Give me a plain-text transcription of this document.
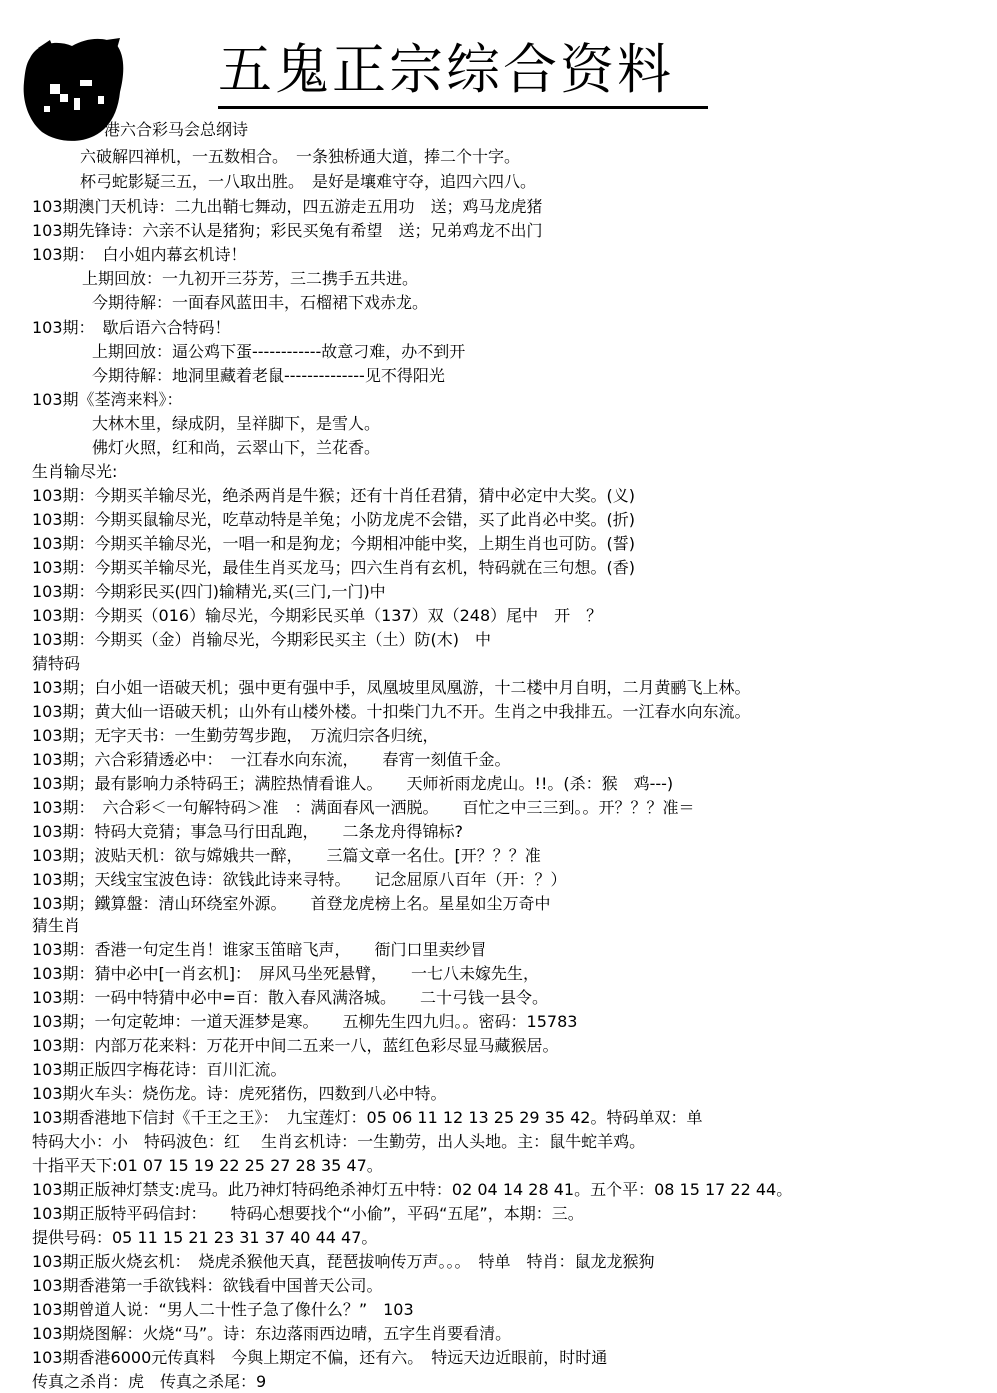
五鬼正宗综合资料
港六合彩马会总纲诗
六破解四禅机，一五数相合。　一条独桥通大道，捧二个十字。
杯弓蛇影疑三五，一八取出胜。　是好是壤难守夺，追四六四八。
103期澳门天机诗：二九出鞘七舞动，四五游走五用功　送；鸡马龙虎猪
103期先锋诗：六亲不认是猪狗；彩民买兔有希望　送；兄弟鸡龙不出门
103期：　白小姐内幕玄机诗！
上期回放：一九初开三芬芳，三二携手五共进。
今期待解：一面春风蓝田丰，石榴裙下戏赤龙。
103期：　歇后语六合特码！
上期回放：逼公鸡下蛋------------故意刁难，办不到开
今期待解：地洞里藏着老鼠--------------见不得阳光
103期《荃湾来料》：
大林木里，绿成阴，呈祥脚下，是雪人。
佛灯火照，红和尚，云翠山下，兰花香。
生肖输尽光:
103期：今期买羊输尽光，绝杀两肖是牛猴；还有十肖任君猜，猜中必定中大奖。(义)
103期：今期买鼠输尽光，吃草动特是羊兔；小防龙虎不会错，买了此肖必中奖。(折)
103期：今期买羊输尽光，一唱一和是狗龙；今期相冲能中奖，上期生肖也可防。(誓)
103期：今期买羊输尽光，最佳生肖买龙马；四六生肖有玄机，特码就在三句想。(香)
103期：今期彩民买(四门)输精光,买(三门,一门)中
103期：今期买（016）输尽光，今期彩民买单（137）双（248）尾中　开　？
103期：今期买（金）肖输尽光，今期彩民买主（土）防(木)　中
猜特码
103期；白小姐一语破天机；强中更有强中手，凤凰坡里凤凰游，十二楼中月自明，二月黄鹂飞上林。
103期；黄大仙一语破天机；山外有山楼外楼。十扣柴门九不开。生肖之中我排五。一江春水向东流。
103期；无字天书：一生勤劳驾步跑，　万流归宗各归统，
103期；六合彩猜透必中：　一江春水向东流，　　春宵一刻值千金。
103期；最有影响力杀特码王；满腔热情看谁人。　　天师祈雨龙虎山。!!。(杀：猴　鸡---)
103期：　六合彩＜一句解特码＞准　：满面春风一洒脱。　　百忙之中三三到。。开？？？准＝
103期：特码大竞猜；事急马行田乱跑，　　二条龙舟得锦标?
103期；波贴天机：欲与嫦娥共一醉，　　三篇文章一名仕。[开？？？准
103期；天线宝宝波色诗：欲钱此诗来寻特。　　记念屈原八百年（开：？）
103期；鐵算盤：清山环绕室外源。　　首登龙虎榜上名。星星如尘万奇中
猜生肖
103期：香港一句定生肖！谁家玉笛暗飞声，　　衙门口里卖纱冒
103期：猜中必中[一肖玄机]：　屏风马坐死悬臂，　　一七八未嫁先生，
103期：一码中特猜中必中=百：散入春风满洛城。　　二十弓钱一县令。
103期；一句定乾坤：一道天涯梦是寒。　　五柳先生四九归。。密码：15783
103期：内部万花来料：万花开中间二五来一八，蓝红色彩尽显马藏猴居。
103期正版四字梅花诗：百川汇流。
103期火车头：烧伤龙。诗：虎死猪伤，四数到八必中特。
103期香港地下信封《千王之王》：　九宝莲灯：05 06 11 12 13 25 29 35 42。特码单双：单
特码大小：小　特码波色：红　 生肖玄机诗：一生勤劳，出人头地。主：鼠牛蛇羊鸡。
十指平天下:01 07 15 19 22 25 27 28 35 47。
103期正版神灯禁支:虎马。此乃神灯特码绝杀神灯五中特：02 04 14 28 41。五个平：08 15 17 22 44。
103期正版特平码信封：　　特码心想要找个“小偷”，平码“五尾”，本期：三。
提供号码：05 11 15 21 23 31 37 40 44 47。
103期正版火烧玄机：　烧虎杀猴他天真，琵琶拔响传万声。。。　特单　特肖：鼠龙龙猴狗
103期香港第一手欲钱料：欲钱看中国普天公司。
103期曾道人说：“男人二十性子急了像什么？”　103
103期烧图解：火烧“马”。诗：东边落雨西边晴，五字生肖要看清。
103期香港6000元传真料　今與上期定不偏，还有六。　特远天边近眼前，时时通
传真之杀肖：虎　传真之杀尾：9
